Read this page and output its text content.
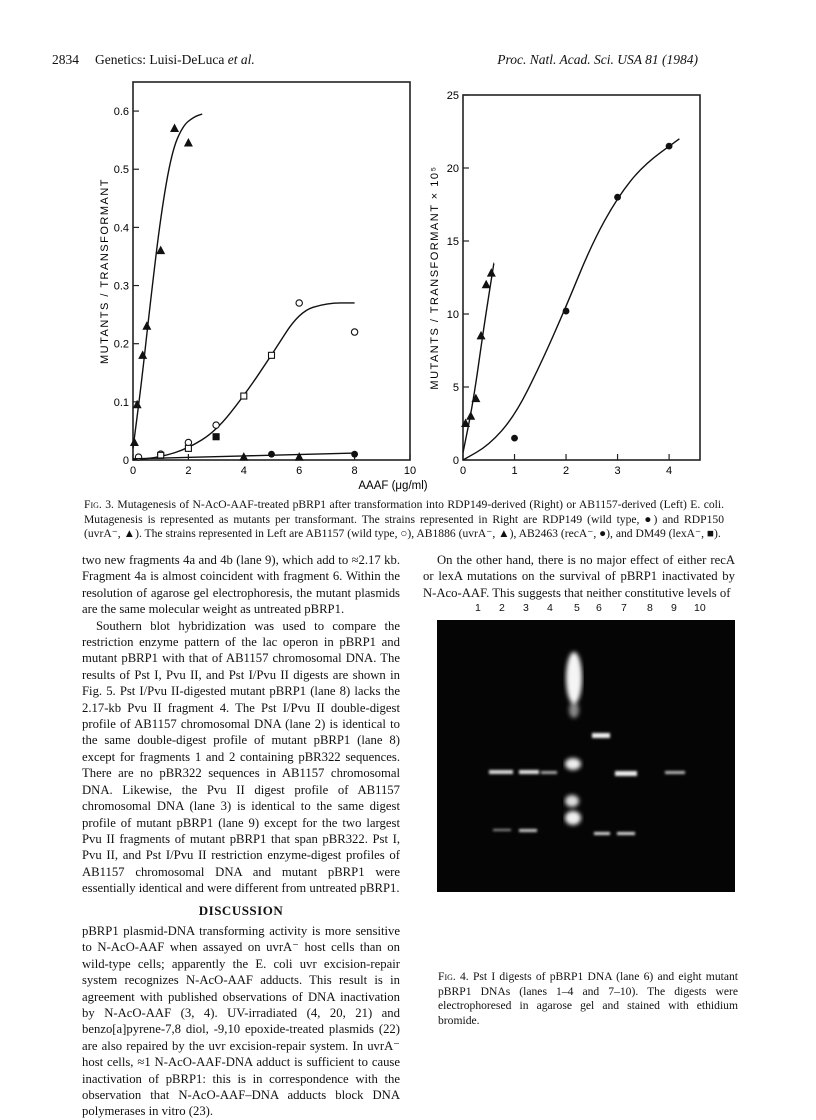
2834 Genetics: Luisi-DeLuca et al.	Proc. Natl. Acad. Sci. USA 81 (1984)
0	2	4	6	8	10
0
0.1
0.2
0.3
0.4
0.5
0.6
MUTANTS / TRANSFORMANT
0	1	2	3	4
0
5
10
15
20
25
MUTANTS / TRANSFORMANT × 10⁵
AAAF (μg/ml)
Fig. 3. Mutagenesis of N-AcO-AAF-treated pBRP1 after transformation into RDP149-derived (Right) or AB1157-derived (Left) E. coli. Mutagenesis is represented as mutants per transformant. The strains represented in Right are RDP149 (wild type, ●) and RDP150 (uvrA⁻, ▲). The strains represented in Left are AB1157 (wild type, ○), AB1886 (uvrA⁻, ▲), AB2463 (recA⁻, ●), and DM49 (lexA⁻, ■).

two new fragments 4a and 4b (lane 9), which add to ≈2.17 kb. Fragment 4a is almost coincident with fragment 6. Within the resolution of agarose gel electrophoresis, the mutant plasmids are the same molecular weight as untreated pBRP1.

Southern blot hybridization was used to compare the restriction enzyme pattern of the lac operon in pBRP1 and mutant pBRP1 with that of AB1157 chromosomal DNA. The results of Pst I, Pvu II, and Pst I/Pvu II digests are shown in Fig. 5. Pst I/Pvu II-digested mutant pBRP1 (lane 8) lacks the 2.17-kb Pvu II fragment 4. The Pst I/Pvu II double-digest profile of AB1157 chromosomal DNA (lane 2) is identical to the same double-digest profile of mutant pBRP1 (lane 8) except for fragments 1 and 2 containing pBR322 sequences. There are no pBR322 sequences in AB1157 chromosomal DNA. Likewise, the Pvu II digest profile of AB1157 chromosomal DNA (lane 3) is identical to the same digest profile of mutant pBRP1 (lane 9) except for the two largest Pvu II fragments of mutant pBRP1 that span pBR322. Pst I, Pvu II, and Pst I/Pvu II restriction enzyme-digest profiles of AB1157 chromosomal DNA and mutant pBRP1 were essentially identical and were different from untreated pBRP1.

DISCUSSION

pBRP1 plasmid-DNA transforming activity is more sensitive to N-AcO-AAF when assayed on uvrA⁻ host cells than on wild-type cells; apparently the E. coli uvr excision-repair system recognizes N-AcO-AAF adducts. This result is in agreement with published observations of DNA inactivation by N-AcO-AAF (3, 4). UV-irradiated (4, 20, 21) and benzo[a]pyrene-7,8 diol, -9,10 epoxide-treated plasmids (22) are also repaired by the uvr excision-repair system. In uvrA⁻ host cells, ≈1 N-AcO-AAF-DNA adduct is sufficient to cause inactivation of pBRP1: this is in correspondence with the observation that N-AcO-AAF–DNA adducts block DNA polymerases in vitro (23).

On the other hand, there is no major effect of either recA or lexA mutations on the survival of pBRP1 inactivated by N-Aco-AAF. This suggests that neither constitutive levels of

1 2 3 4 5 6 7 8 9 10
Fig. 4. Pst I digests of pBRP1 DNA (lane 6) and eight mutant pBRP1 DNAs (lanes 1–4 and 7–10). The digests were electrophoresed in agarose gel and stained with ethidium bromide.
